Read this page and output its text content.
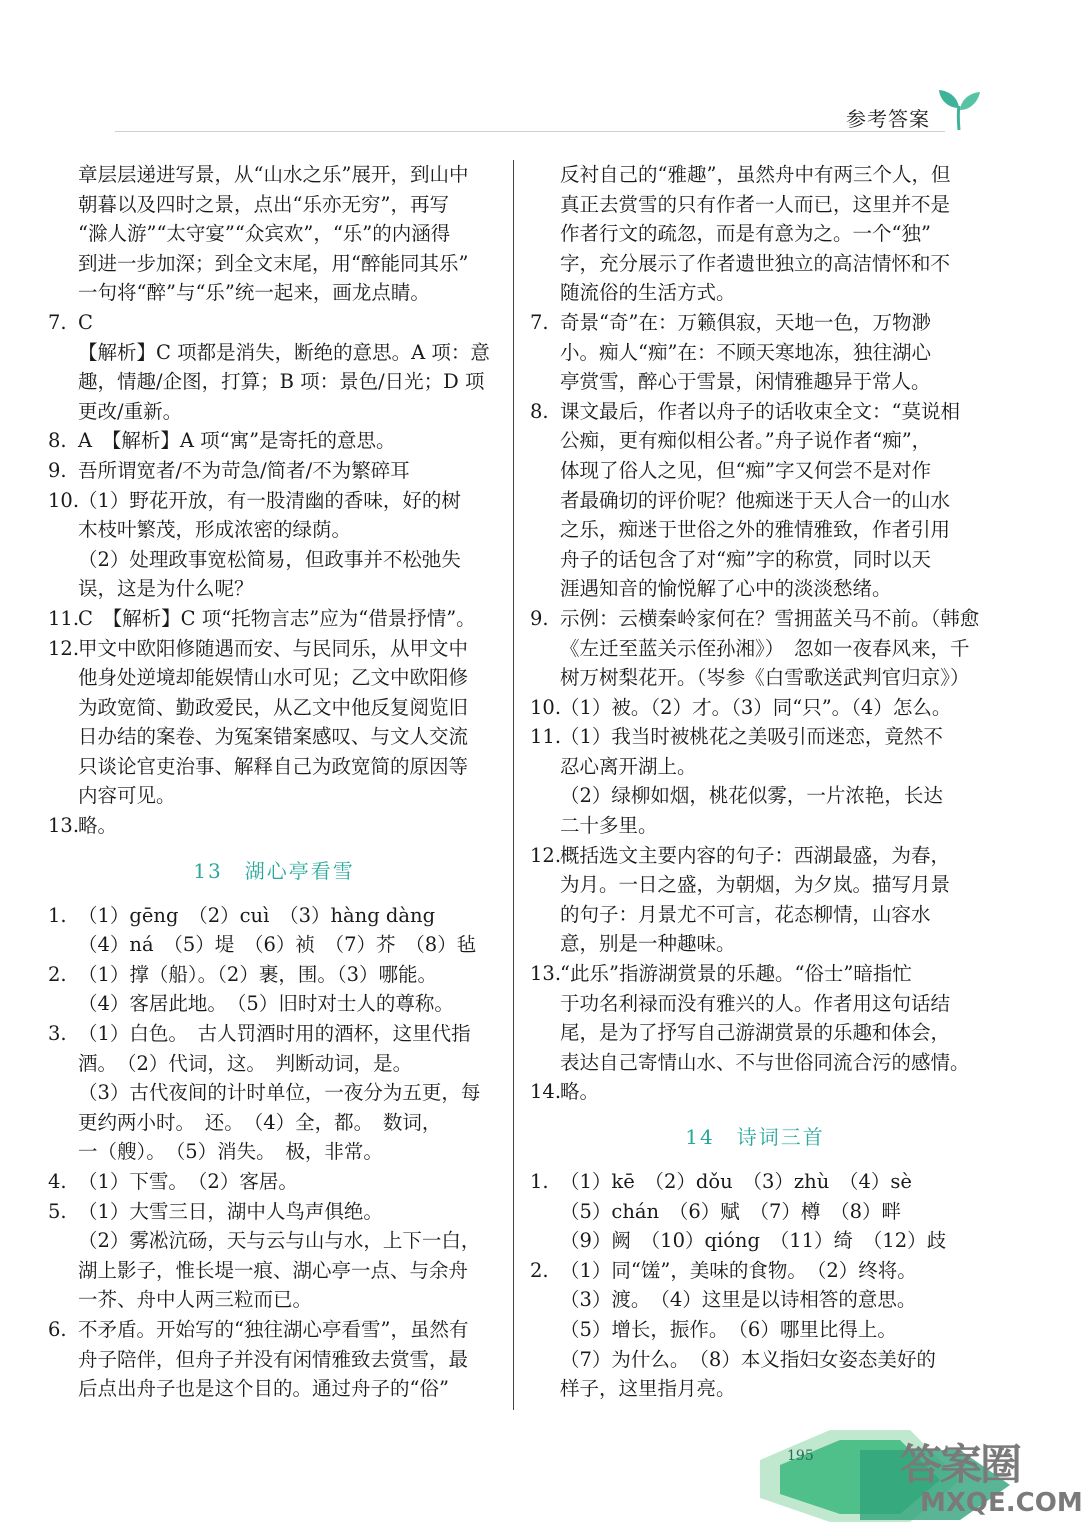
参考答案
章层层递进写景，从“山水之乐”展开，到山中
朝暮以及四时之景，点出“乐亦无穷”，再写
“滁人游”“太守宴”“众宾欢”，“乐”的内涵得
到进一步加深；到全文末尾，用“醉能同其乐”
一句将“醉”与“乐”统一起来，画龙点睛。
7. C
【解析】C 项都是消失，断绝的意思。A 项：意
趣，情趣/企图，打算；B 项：景色/日光；D 项
更改/重新。
8. A　【解析】A 项“寓”是寄托的意思。
9. 吾所谓宽者/不为苛急/简者/不为繁碎耳
10.
（1）野花开放，有一股清幽的香味，好的树
木枝叶繁茂，形成浓密的绿荫。
（2）处理政事宽松简易，但政事并不松弛失
误，这是为什么呢？
11.
C　【解析】C 项“托物言志”应为“借景抒情”。
12.
甲文中欧阳修随遇而安、与民同乐，从甲文中
他身处逆境却能娱情山水可见；乙文中欧阳修
为政宽简、勤政爱民，从乙文中他反复阅览旧
日办结的案卷、为冤案错案感叹、与文人交流
只谈论官吏治事、解释自己为政宽简的原因等
内容可见。
13.
略。
13　湖心亭看雪
1. （1）gēng　（2）cuì　（3）hàng dàng
（4）ná　（5）堤　（6）祯　（7）芥　（8）毡
2. （1）撑（船）。（2）裹，围。（3）哪能。
（4）客居此地。　（5）旧时对士人的尊称。
3. （1）白色。　古人罚酒时用的酒杯，这里代指
酒。　（2）代词，这。　判断动词，是。
（3）古代夜间的计时单位，一夜分为五更，每
更约两小时。　还。　（4）全，都。　数词，
一（艘）。　（5）消失。　极，非常。
4. （1）下雪。　（2）客居。
5. （1）大雪三日，湖中人鸟声俱绝。
（2）雾凇沆砀，天与云与山与水，上下一白，
湖上影子，惟长堤一痕、湖心亭一点、与余舟
一芥、舟中人两三粒而已。
6. 不矛盾。开始写的“独往湖心亭看雪”，虽然有
舟子陪伴，但舟子并没有闲情雅致去赏雪，最
后点出舟子也是这个目的。通过舟子的“俗”
反衬自己的“雅趣”，虽然舟中有两三个人，但
真正去赏雪的只有作者一人而已，这里并不是
作者行文的疏忽，而是有意为之。一个“独”
字，充分展示了作者遗世独立的高洁情怀和不
随流俗的生活方式。
7. 奇景“奇”在：万籁俱寂，天地一色，万物渺
小。痴人“痴”在：不顾天寒地冻，独往湖心
亭赏雪，醉心于雪景，闲情雅趣异于常人。
8. 课文最后，作者以舟子的话收束全文：“莫说相
公痴，更有痴似相公者。”舟子说作者“痴”，
体现了俗人之见，但“痴”字又何尝不是对作
者最确切的评价呢？他痴迷于天人合一的山水
之乐，痴迷于世俗之外的雅情雅致，作者引用
舟子的话包含了对“痴”字的称赏，同时以天
涯遇知音的愉悦解了心中的淡淡愁绪。
9. 示例：云横秦岭家何在？雪拥蓝关马不前。（韩愈
《左迁至蓝关示侄孙湘》）　忽如一夜春风来，千
树万树梨花开。（岑参《白雪歌送武判官归京》）
10.
（1）被。（2）才。（3）同“只”。（4）怎么。
11.
（1）我当时被桃花之美吸引而迷恋，竟然不
忍心离开湖上。
（2）绿柳如烟，桃花似雾，一片浓艳，长达
二十多里。
12.
概括选文主要内容的句子：西湖最盛，为春，
为月。一日之盛，为朝烟，为夕岚。描写月景
的句子：月景尤不可言，花态柳情，山容水
意，别是一种趣味。
13.
“此乐”指游湖赏景的乐趣。“俗士”暗指忙
于功名利禄而没有雅兴的人。作者用这句话结
尾，是为了抒写自己游湖赏景的乐趣和体会，
表达自己寄情山水、不与世俗同流合污的感情。
14.
略。
14　诗词三首
1. （1）kē　（2）dǒu　（3）zhù　（4）sè
（5）chán　（6）赋　（7）樽　（8）畔
（9）阙　（10）qióng　（11）绮　（12）歧
2. （1）同“馐”，美味的食物。　（2）终将。
（3）渡。　（4）这里是以诗相答的意思。
（5）增长，振作。　（6）哪里比得上。
（7）为什么。　（8）本义指妇女姿态美好的
样子，这里指月亮。
195 答案圈
MXQE.COM
